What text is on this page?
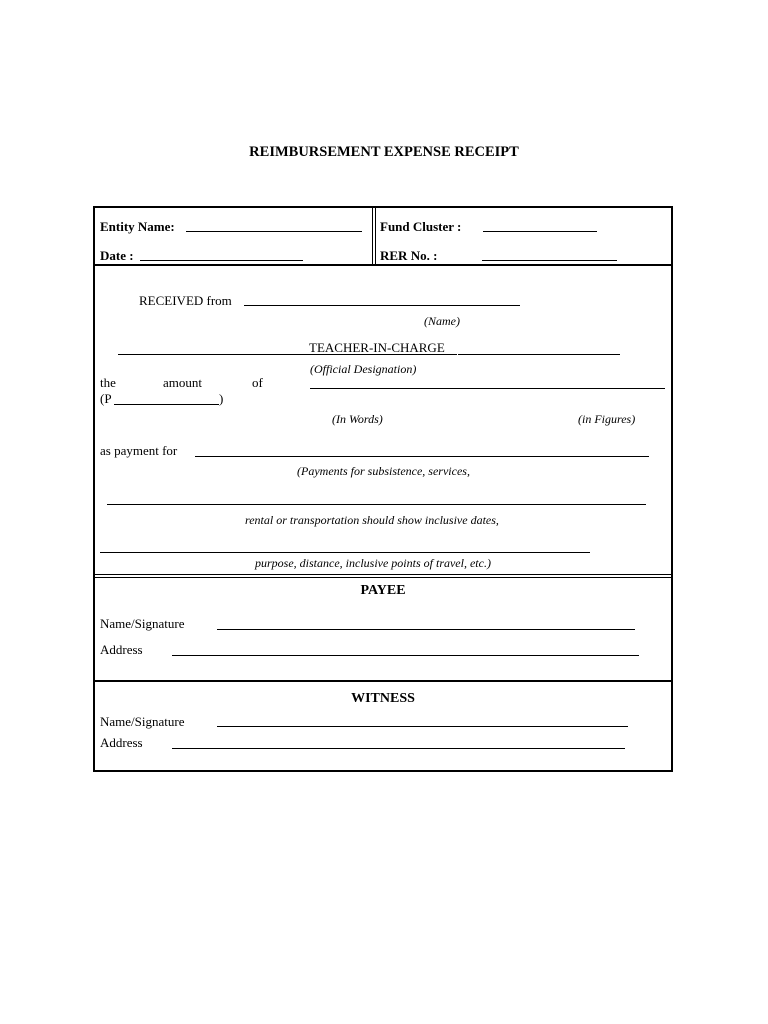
REIMBURSEMENT EXPENSE RECEIPT
Entity Name:	Fund Cluster :
Date :	RER No. :
RECEIVED from
(Name)
TEACHER-IN-CHARGE
(Official Designation)
the	amount	of
(P	)
(In Words)	(in Figures)
as payment for
(Payments for subsistence, services,
rental or transportation should show inclusive dates,
purpose, distance, inclusive points of travel, etc.)
PAYEE
Name/Signature
Address
WITNESS
Name/Signature
Address
